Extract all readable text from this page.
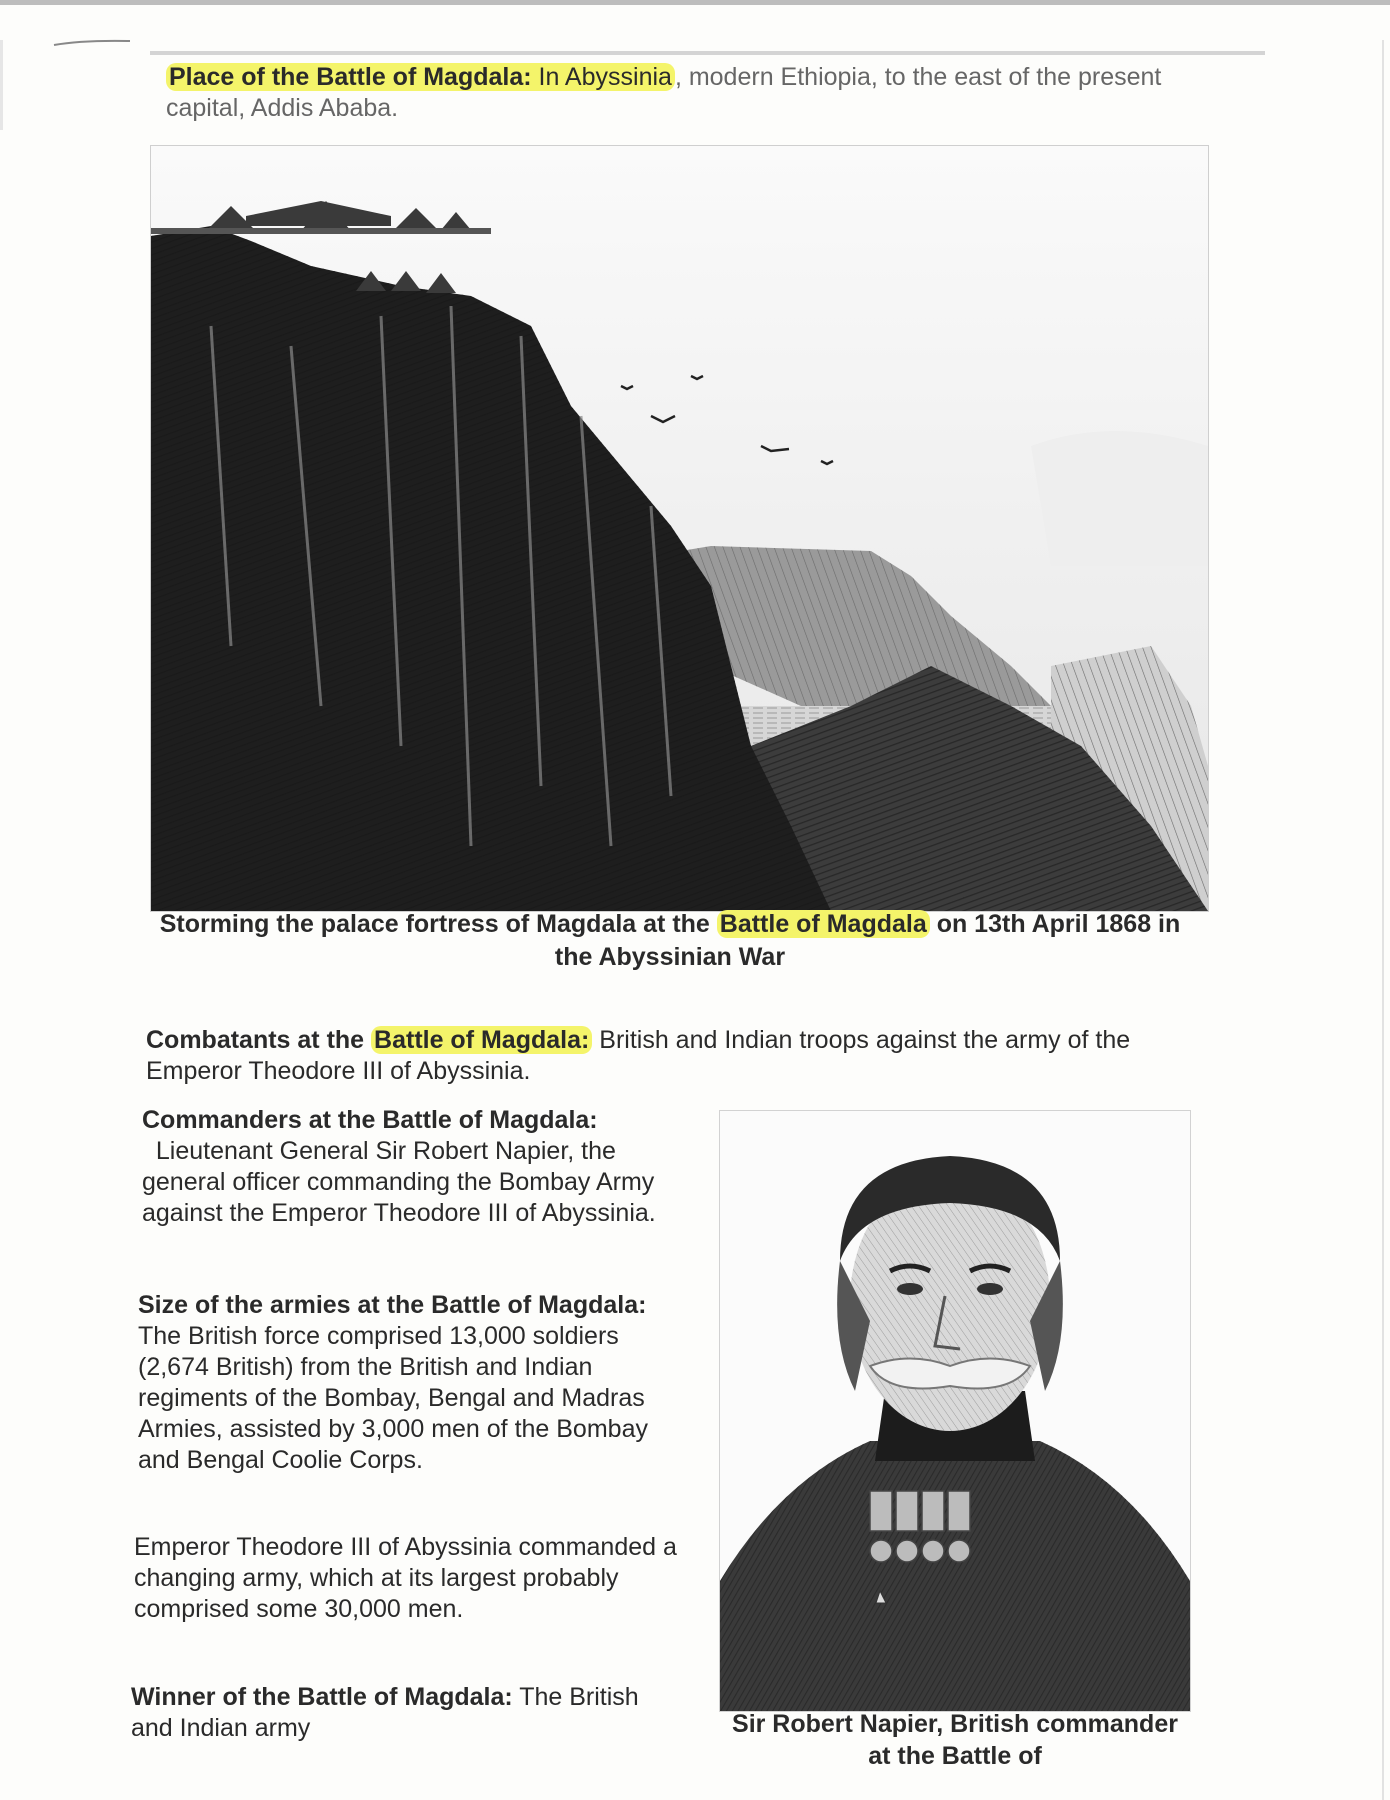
Place of the Battle of Magdala: In Abyssinia , modern Ethiopia, to the east of the present capital, Addis Ababa.
Storming the palace fortress of Magdala at the Battle of Magdala on 13th April 1868 in the Abyssinian War
Combatants at the Battle of Magdala: British and Indian troops against the army of the Emperor Theodore III of Abyssinia.
Commanders at the Battle of Magdala:
Lieutenant General Sir Robert Napier, the general officer commanding the Bombay Army against the Emperor Theodore III of Abyssinia.
Size of the armies at the Battle of Magdala: The British force comprised 13,000 soldiers (2,674 British) from the British and Indian regiments of the Bombay, Bengal and Madras Armies, assisted by 3,000 men of the Bombay and Bengal Coolie Corps.
Emperor Theodore III of Abyssinia commanded a changing army, which at its largest probably comprised some 30,000 men.
Winner of the Battle of Magdala: The British and Indian army	Sir Robert Napier, British commander at the Battle of
